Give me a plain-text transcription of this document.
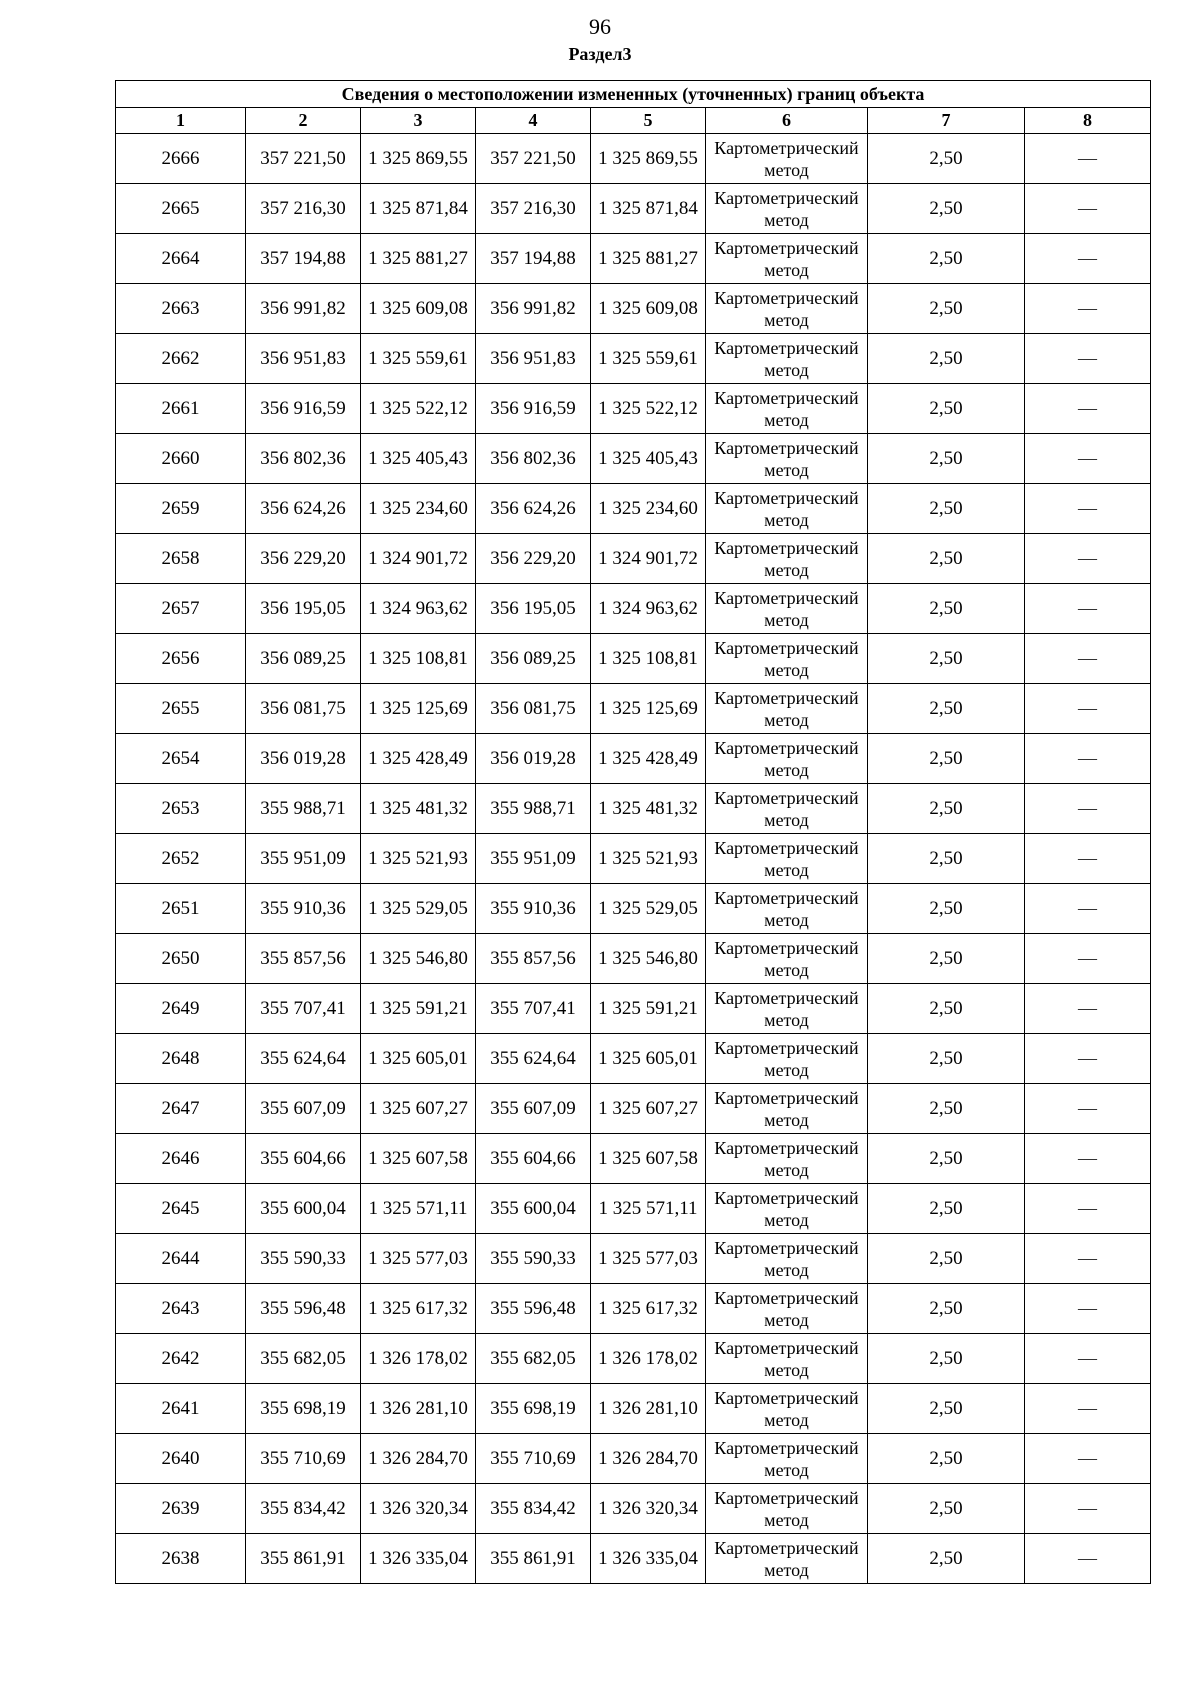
96
Раздел3
Сведения о местоположении измененных (уточненных) границ объекта							
1	2	3	4	5	6	7	8
2666	357 221,50	1 325 869,55	357 221,50	1 325 869,55	Картометрический метод	2,50	—
2665	357 216,30	1 325 871,84	357 216,30	1 325 871,84	Картометрический метод	2,50	—
2664	357 194,88	1 325 881,27	357 194,88	1 325 881,27	Картометрический метод	2,50	—
2663	356 991,82	1 325 609,08	356 991,82	1 325 609,08	Картометрический метод	2,50	—
2662	356 951,83	1 325 559,61	356 951,83	1 325 559,61	Картометрический метод	2,50	—
2661	356 916,59	1 325 522,12	356 916,59	1 325 522,12	Картометрический метод	2,50	—
2660	356 802,36	1 325 405,43	356 802,36	1 325 405,43	Картометрический метод	2,50	—
2659	356 624,26	1 325 234,60	356 624,26	1 325 234,60	Картометрический метод	2,50	—
2658	356 229,20	1 324 901,72	356 229,20	1 324 901,72	Картометрический метод	2,50	—
2657	356 195,05	1 324 963,62	356 195,05	1 324 963,62	Картометрический метод	2,50	—
2656	356 089,25	1 325 108,81	356 089,25	1 325 108,81	Картометрический метод	2,50	—
2655	356 081,75	1 325 125,69	356 081,75	1 325 125,69	Картометрический метод	2,50	—
2654	356 019,28	1 325 428,49	356 019,28	1 325 428,49	Картометрический метод	2,50	—
2653	355 988,71	1 325 481,32	355 988,71	1 325 481,32	Картометрический метод	2,50	—
2652	355 951,09	1 325 521,93	355 951,09	1 325 521,93	Картометрический метод	2,50	—
2651	355 910,36	1 325 529,05	355 910,36	1 325 529,05	Картометрический метод	2,50	—
2650	355 857,56	1 325 546,80	355 857,56	1 325 546,80	Картометрический метод	2,50	—
2649	355 707,41	1 325 591,21	355 707,41	1 325 591,21	Картометрический метод	2,50	—
2648	355 624,64	1 325 605,01	355 624,64	1 325 605,01	Картометрический метод	2,50	—
2647	355 607,09	1 325 607,27	355 607,09	1 325 607,27	Картометрический метод	2,50	—
2646	355 604,66	1 325 607,58	355 604,66	1 325 607,58	Картометрический метод	2,50	—
2645	355 600,04	1 325 571,11	355 600,04	1 325 571,11	Картометрический метод	2,50	—
2644	355 590,33	1 325 577,03	355 590,33	1 325 577,03	Картометрический метод	2,50	—
2643	355 596,48	1 325 617,32	355 596,48	1 325 617,32	Картометрический метод	2,50	—
2642	355 682,05	1 326 178,02	355 682,05	1 326 178,02	Картометрический метод	2,50	—
2641	355 698,19	1 326 281,10	355 698,19	1 326 281,10	Картометрический метод	2,50	—
2640	355 710,69	1 326 284,70	355 710,69	1 326 284,70	Картометрический метод	2,50	—
2639	355 834,42	1 326 320,34	355 834,42	1 326 320,34	Картометрический метод	2,50	—
2638	355 861,91	1 326 335,04	355 861,91	1 326 335,04	Картометрический метод	2,50	—
